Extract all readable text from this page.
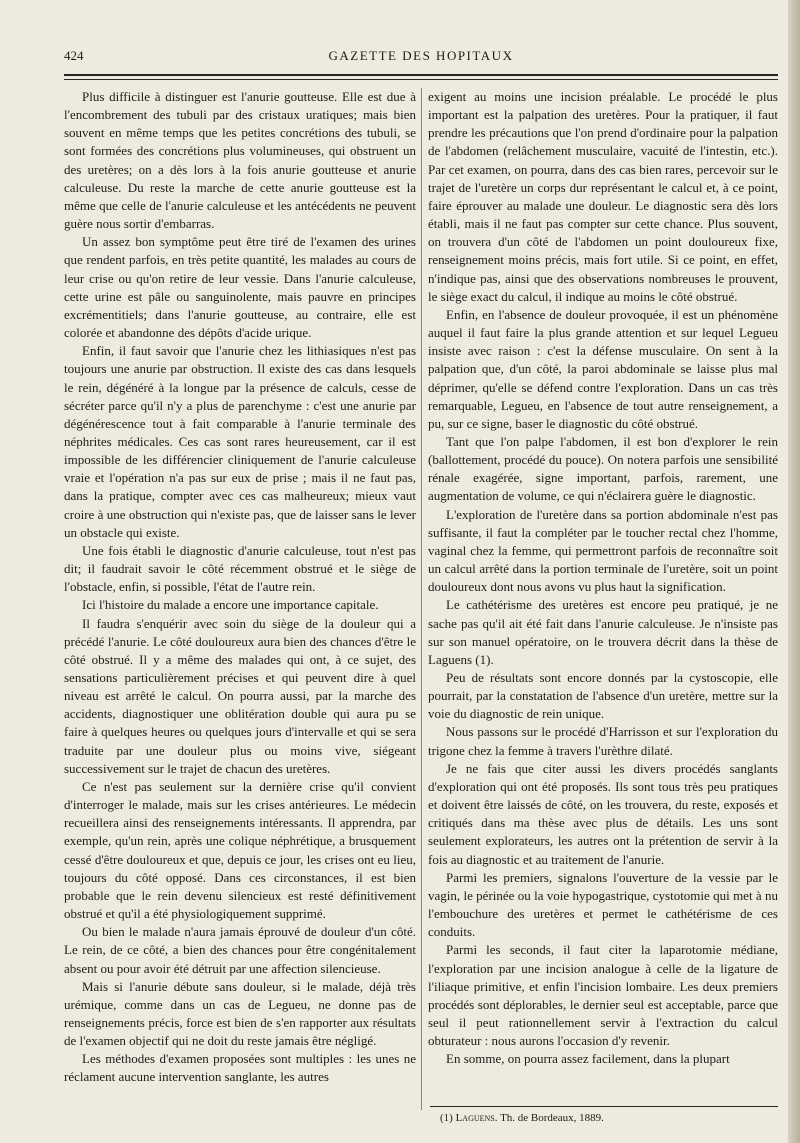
424	GAZETTE DES HOPITAUX

Plus difficile à distinguer est l'anurie goutteuse. Elle est due à l'encombrement des tubuli par des cristaux uratiques; mais bien souvent en même temps que les petites concrétions des tubuli, se sont formées des concrétions plus volumineuses, qui obstruent un des uretères; on a dès lors à la fois anurie goutteuse et anurie calculeuse. Du reste la marche de cette anurie goutteuse est la même que celle de l'anurie calculeuse et les antécédents ne peuvent guère nous sortir d'embarras.

Un assez bon symptôme peut être tiré de l'examen des urines que rendent parfois, en très petite quantité, les malades au cours de leur crise ou qu'on retire de leur vessie. Dans l'anurie calculeuse, cette urine est pâle ou sanguinolente, mais pauvre en principes excrémentitiels; dans l'anurie goutteuse, au contraire, elle est colorée et abandonne des dépôts d'acide urique.

Enfin, il faut savoir que l'anurie chez les lithiasiques n'est pas toujours une anurie par obstruction. Il existe des cas dans lesquels le rein, dégénéré à la longue par la présence de calculs, cesse de sécréter parce qu'il n'y a plus de parenchyme : c'est une anurie par dégénérescence tout à fait comparable à l'anurie terminale des néphrites médicales. Ces cas sont rares heureusement, car il est impossible de les différencier cliniquement de l'anurie calculeuse vraie et l'opération n'a pas sur eux de prise ; mais il ne faut pas, dans la pratique, compter avec ces cas malheureux; mieux vaut croire à une obstruction qui n'existe pas, que de laisser sans le lever un obstacle qui existe.

Une fois établi le diagnostic d'anurie calculeuse, tout n'est pas dit; il faudrait savoir le côté récemment obstrué et le siège de l'obstacle, enfin, si possible, l'état de l'autre rein.

Ici l'histoire du malade a encore une importance capitale.

Il faudra s'enquérir avec soin du siège de la douleur qui a précédé l'anurie. Le côté douloureux aura bien des chances d'être le côté obstrué. Il y a même des malades qui ont, à ce sujet, des sensations particulièrement précises et qui peuvent dire à quel niveau est arrêté le calcul. On pourra aussi, par la marche des accidents, diagnostiquer une oblitération double qui aura pu se faire à quelques heures ou quelques jours d'intervalle et qui se sera traduite par une douleur plus ou moins vive, siégeant successivement sur le trajet de chacun des uretères.

Ce n'est pas seulement sur la dernière crise qu'il convient d'interroger le malade, mais sur les crises antérieures. Le médecin recueillera ainsi des renseignements intéressants. Il apprendra, par exemple, qu'un rein, après une colique néphrétique, a brusquement cessé d'être douloureux et que, depuis ce jour, les crises ont eu lieu, toujours du côté opposé. Dans ces circonstances, il est bien probable que le rein devenu silencieux est resté définitivement obstrué et qu'il a été physiologiquement supprimé.

Ou bien le malade n'aura jamais éprouvé de douleur d'un côté. Le rein, de ce côté, a bien des chances pour être congénitalement absent ou pour avoir été détruit par une affection silencieuse.

Mais si l'anurie débute sans douleur, si le malade, déjà très urémique, comme dans un cas de Legueu, ne donne pas de renseignements précis, force est bien de s'en rapporter aux résultats de l'examen objectif qui ne doit du reste jamais être négligé.

Les méthodes d'examen proposées sont multiples : les unes ne réclament aucune intervention sanglante, les autres

exigent au moins une incision préalable. Le procédé le plus important est la palpation des uretères. Pour la pratiquer, il faut prendre les précautions que l'on prend d'ordinaire pour la palpation de l'abdomen (relâchement musculaire, vacuité de l'intestin, etc.). Par cet examen, on pourra, dans des cas bien rares, percevoir sur le trajet de l'uretère un corps dur représentant le calcul et, à ce point, faire éprouver au malade une douleur. Le diagnostic sera dès lors établi, mais il ne faut pas compter sur cette chance. Plus souvent, on trouvera d'un côté de l'abdomen un point douloureux fixe, renseignement moins précis, mais fort utile. Si ce point, en effet, n'indique pas, ainsi que des observations nombreuses le prouvent, le siège exact du calcul, il indique au moins le côté obstrué.

Enfin, en l'absence de douleur provoquée, il est un phénomène auquel il faut faire la plus grande attention et sur lequel Legueu insiste avec raison : c'est la défense musculaire. On sent à la palpation que, d'un côté, la paroi abdominale se laisse plus mal déprimer, qu'elle se défend contre l'exploration. Dans un cas très remarquable, Legueu, en l'absence de tout autre renseignement, a pu, sur ce signe, baser le diagnostic du côté obstrué.

Tant que l'on palpe l'abdomen, il est bon d'explorer le rein (ballottement, procédé du pouce). On notera parfois une sensibilité rénale exagérée, signe important, parfois, rarement, une augmentation de volume, ce qui n'éclairera guère le diagnostic.

L'exploration de l'uretère dans sa portion abdominale n'est pas suffisante, il faut la compléter par le toucher rectal chez l'homme, vaginal chez la femme, qui permettront parfois de reconnaître soit un calcul arrêté dans la portion terminale de l'uretère, soit un point douloureux dont nous avons vu plus haut la signification.

Le cathétérisme des uretères est encore peu pratiqué, je ne sache pas qu'il ait été fait dans l'anurie calculeuse. Je n'insiste pas sur son manuel opératoire, on le trouvera décrit dans la thèse de Laguens (1).

Peu de résultats sont encore donnés par la cystoscopie, elle pourrait, par la constatation de l'absence d'un uretère, mettre sur la voie du diagnostic de rein unique.

Nous passons sur le procédé d'Harrisson et sur l'exploration du trigone chez la femme à travers l'urèthre dilaté.

Je ne fais que citer aussi les divers procédés sanglants d'exploration qui ont été proposés. Ils sont tous très peu pratiques et doivent être laissés de côté, on les trouvera, du reste, exposés et critiqués dans ma thèse avec plus de détails. Les uns sont seulement explorateurs, les autres ont la prétention de servir à la fois au diagnostic et au traitement de l'anurie.

Parmi les premiers, signalons l'ouverture de la vessie par le vagin, le périnée ou la voie hypogastrique, cystotomie qui met à nu l'embouchure des uretères et permet le cathétérisme de ces conduits.

Parmi les seconds, il faut citer la laparotomie médiane, l'exploration par une incision analogue à celle de la ligature de l'iliaque primitive, et enfin l'incision lombaire. Les deux premiers procédés sont déplorables, le dernier seul est acceptable, parce que seul il peut rationnellement servir à l'extraction du calcul obturateur : nous aurons l'occasion d'y revenir.

En somme, on pourra assez facilement, dans la plupart

(1) Laguens. Th. de Bordeaux, 1889.
